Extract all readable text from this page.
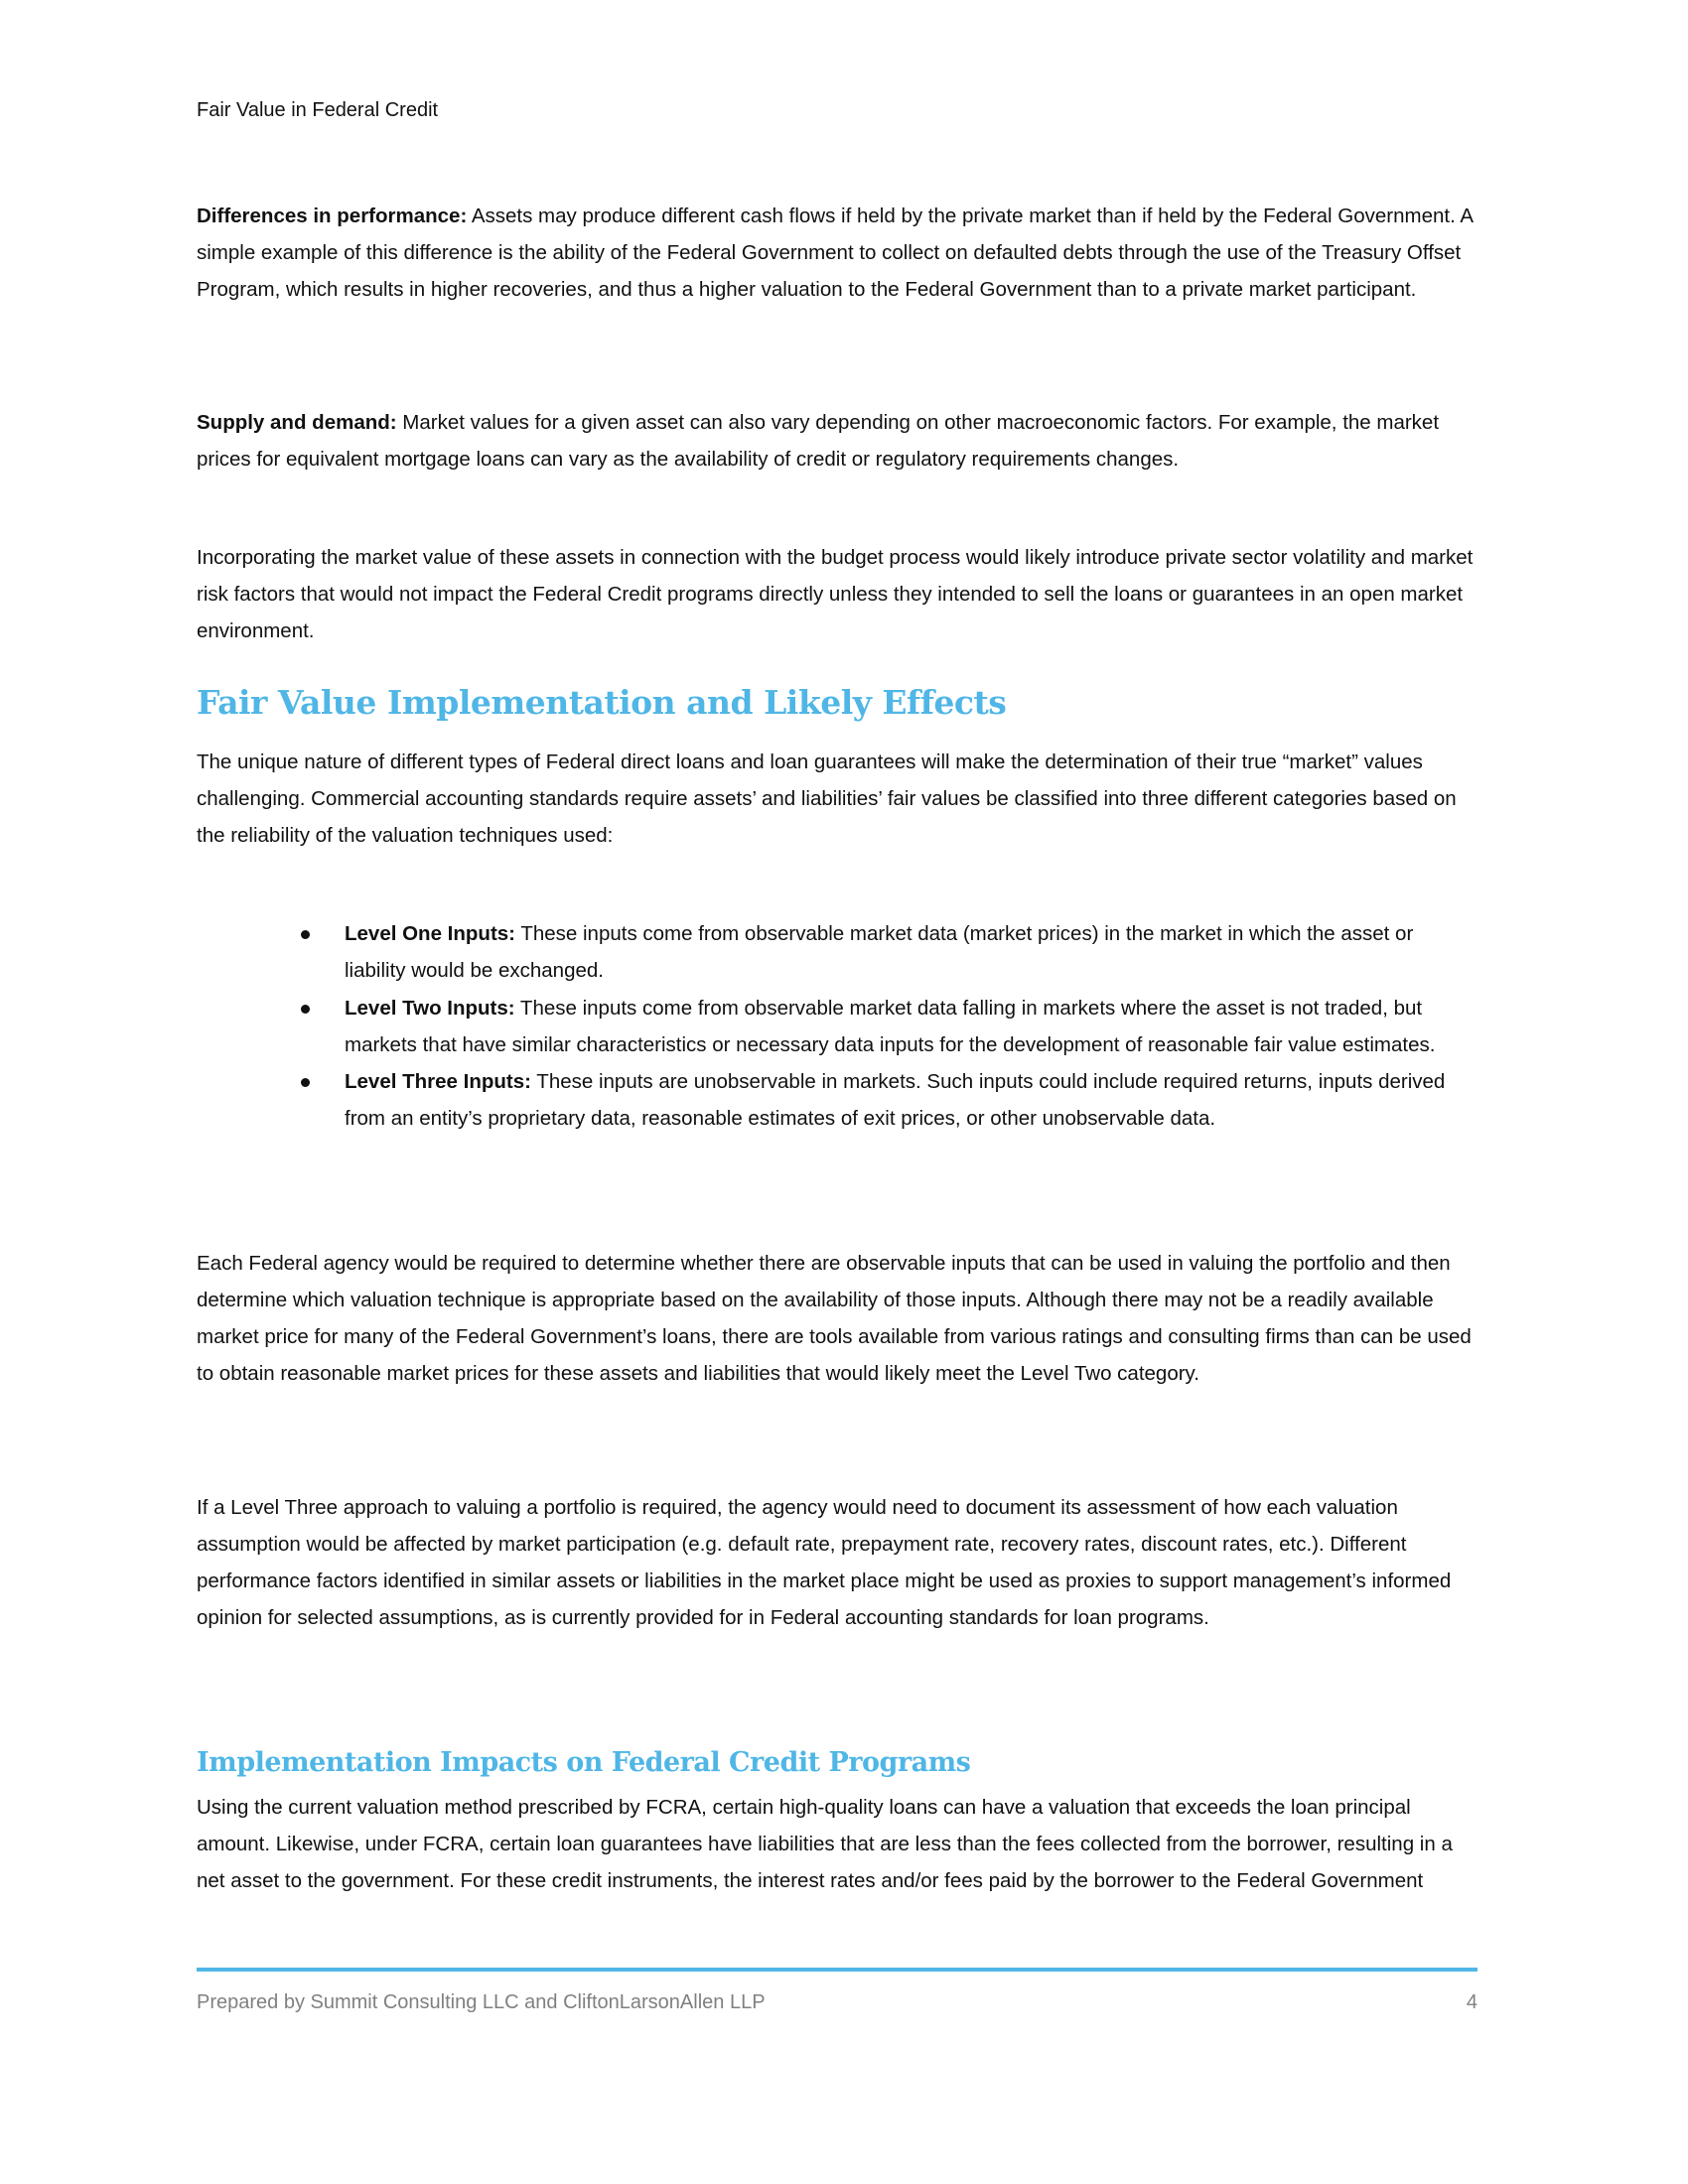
Fair Value in Federal Credit

Differences in performance: Assets may produce different cash flows if held by the private market than if held by the Federal Government. A simple example of this difference is the ability of the Federal Government to collect on defaulted debts through the use of the Treasury Offset Program, which results in higher recoveries, and thus a higher valuation to the Federal Government than to a private market participant.

Supply and demand: Market values for a given asset can also vary depending on other macroeconomic factors. For example, the market prices for equivalent mortgage loans can vary as the availability of credit or regulatory requirements changes.

Incorporating the market value of these assets in connection with the budget process would likely introduce private sector volatility and market risk factors that would not impact the Federal Credit programs directly unless they intended to sell the loans or guarantees in an open market environment.

Fair Value Implementation and Likely Effects

The unique nature of different types of Federal direct loans and loan guarantees will make the determination of their true “market” values challenging. Commercial accounting standards require assets’ and liabilities’ fair values be classified into three different categories based on the reliability of the valuation techniques used:

Level One Inputs: These inputs come from observable market data (market prices) in the market in which the asset or liability would be exchanged.
Level Two Inputs: These inputs come from observable market data falling in markets where the asset is not traded, but markets that have similar characteristics or necessary data inputs for the development of reasonable fair value estimates.
Level Three Inputs: These inputs are unobservable in markets. Such inputs could include required returns, inputs derived from an entity’s proprietary data, reasonable estimates of exit prices, or other unobservable data.

Each Federal agency would be required to determine whether there are observable inputs that can be used in valuing the portfolio and then determine which valuation technique is appropriate based on the availability of those inputs. Although there may not be a readily available market price for many of the Federal Government’s loans, there are tools available from various ratings and consulting firms than can be used to obtain reasonable market prices for these assets and liabilities that would likely meet the Level Two category.

If a Level Three approach to valuing a portfolio is required, the agency would need to document its assessment of how each valuation assumption would be affected by market participation (e.g. default rate, prepayment rate, recovery rates, discount rates, etc.). Different performance factors identified in similar assets or liabilities in the market place might be used as proxies to support management’s informed opinion for selected assumptions, as is currently provided for in Federal accounting standards for loan programs.

Implementation Impacts on Federal Credit Programs

Using the current valuation method prescribed by FCRA, certain high-quality loans can have a valuation that exceeds the loan principal amount. Likewise, under FCRA, certain loan guarantees have liabilities that are less than the fees collected from the borrower, resulting in a net asset to the government. For these credit instruments, the interest rates and/or fees paid by the borrower to the Federal Government

Prepared by Summit Consulting LLC and CliftonLarsonAllen LLP	4
